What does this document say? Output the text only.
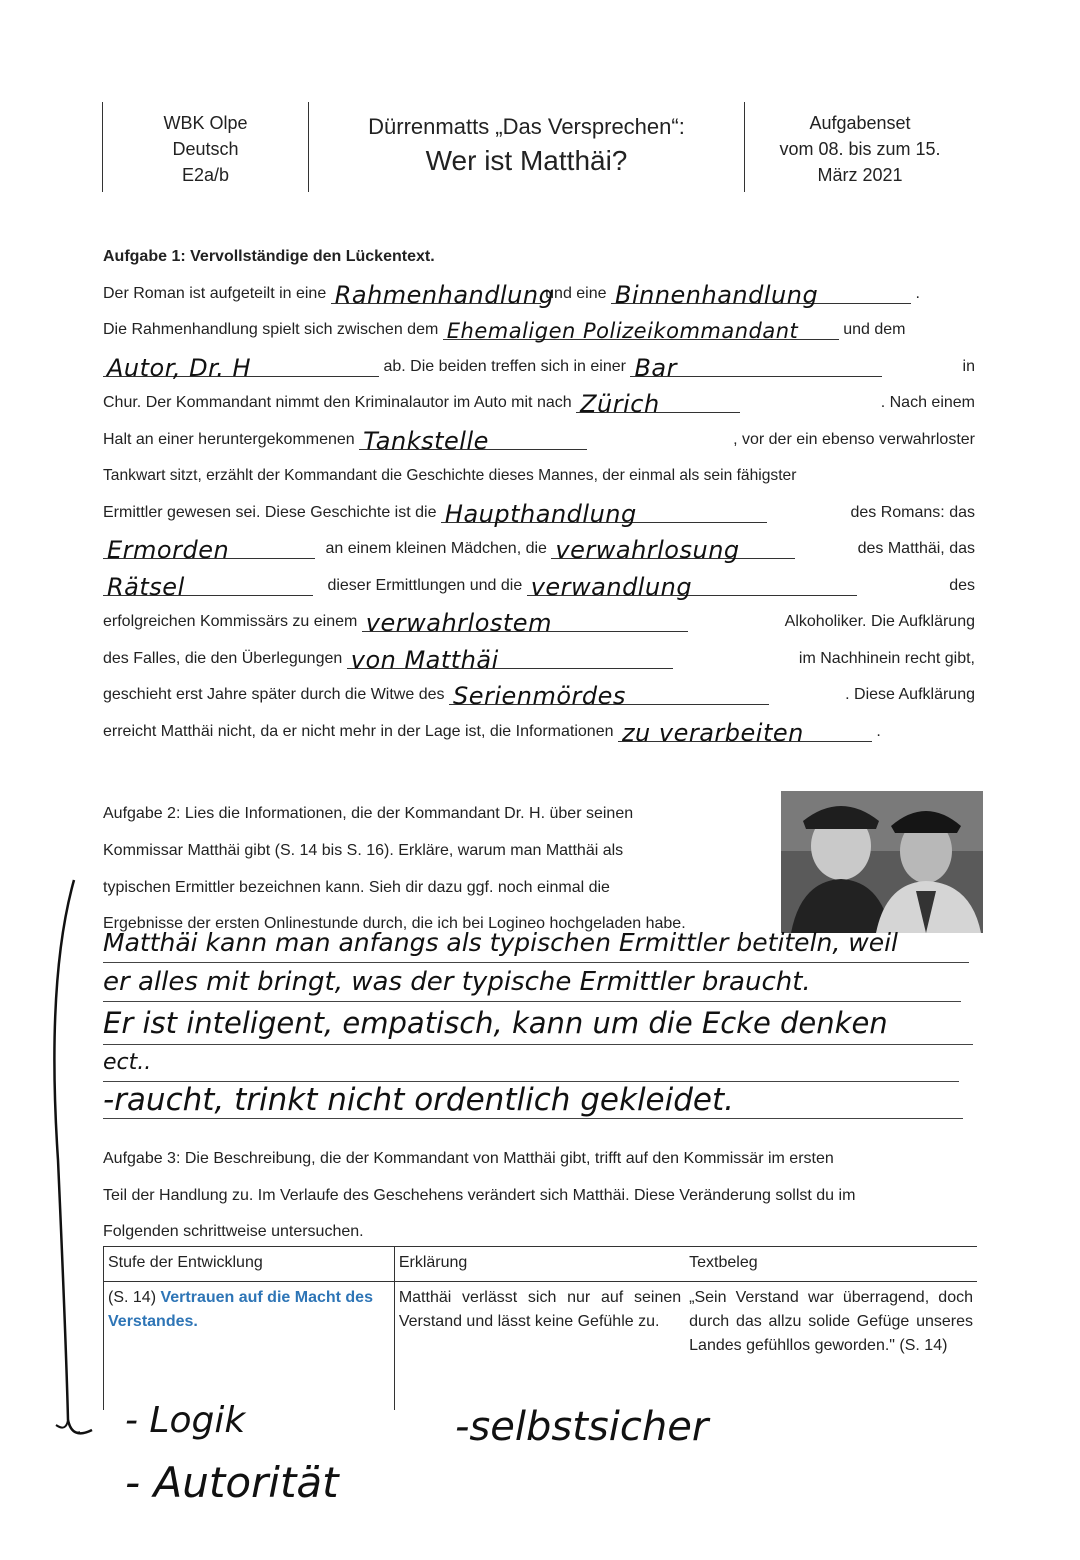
WBK Olpe
Deutsch
E2a/b
Dürrenmatts „Das Versprechen“:
Wer ist Matthäi?
Aufgabenset
vom 08. bis zum 15.
März 2021
Aufgabe 1: Vervollständige den Lückentext.
Der Roman ist aufgeteilt in eine Rahmenhandlung
und eine Binnenhandlung	.
Die Rahmenhandlung spielt sich zwischen dem Ehemaligen Polizeikommandant	und dem
Autor, Dr. H	ab. Die beiden treffen sich in einer Bar	in
Chur. Der Kommandant nimmt den Kriminalautor im Auto mit nach Zürich	. Nach einem
Halt an einer heruntergekommenen Tankstelle	, vor der ein ebenso verwahrloster
Tankwart sitzt, erzählt der Kommandant die Geschichte dieses Mannes, der einmal als sein fähigster
Ermittler gewesen sei. Diese Geschichte ist die Haupthandlung	des Romans: das
Ermorden	an einem kleinen Mädchen, die verwahrlosung	des Matthäi, das
Rätsel	dieser Ermittlungen und die verwandlung	des
erfolgreichen Kommissärs zu einem verwahrlostem	Alkoholiker. Die Aufklärung
des Falles, die den Überlegungen von Matthäi	im Nachhinein recht gibt,
geschieht erst Jahre später durch die Witwe des Serienmördes	. Diese Aufklärung
erreicht Matthäi nicht, da er nicht mehr in der Lage ist, die Informationen zu verarbeiten	.
Aufgabe 2: Lies die Informationen, die der Kommandant Dr. H. über seinen
Kommissar Matthäi gibt (S. 14 bis S. 16). Erkläre, warum man Matthäi als
typischen Ermittler bezeichnen kann. Sieh dir dazu ggf. noch einmal die
Ergebnisse der ersten Onlinestunde durch, die ich bei Logineo hochgeladen habe.
Matthäi kann man anfangs als typischen Ermittler betiteln, weil
er alles mit bringt, was der typische Ermittler braucht.
Er ist inteligent, empatisch, kann um die Ecke denken
ect..
-raucht, trinkt nicht ordentlich gekleidet.
Aufgabe 3: Die Beschreibung, die der Kommandant von Matthäi gibt, trifft auf den Kommissär im ersten
Teil der Handlung zu. Im Verlaufe des Geschehens verändert sich Matthäi. Diese Veränderung sollst du im
Folgenden schrittweise untersuchen.
Stufe der Entwicklung	Erklärung	Textbeleg
(S. 14) Vertrauen auf die Macht des Verstandes.	Matthäi verlässt sich nur auf seinen Verstand und lässt keine Gefühle zu.	„Sein Verstand war überragend, doch durch das allzu solide Gefüge unseres Landes gefühllos geworden." (S. 14)
- Logik
- Autorität
-selbstsicher
